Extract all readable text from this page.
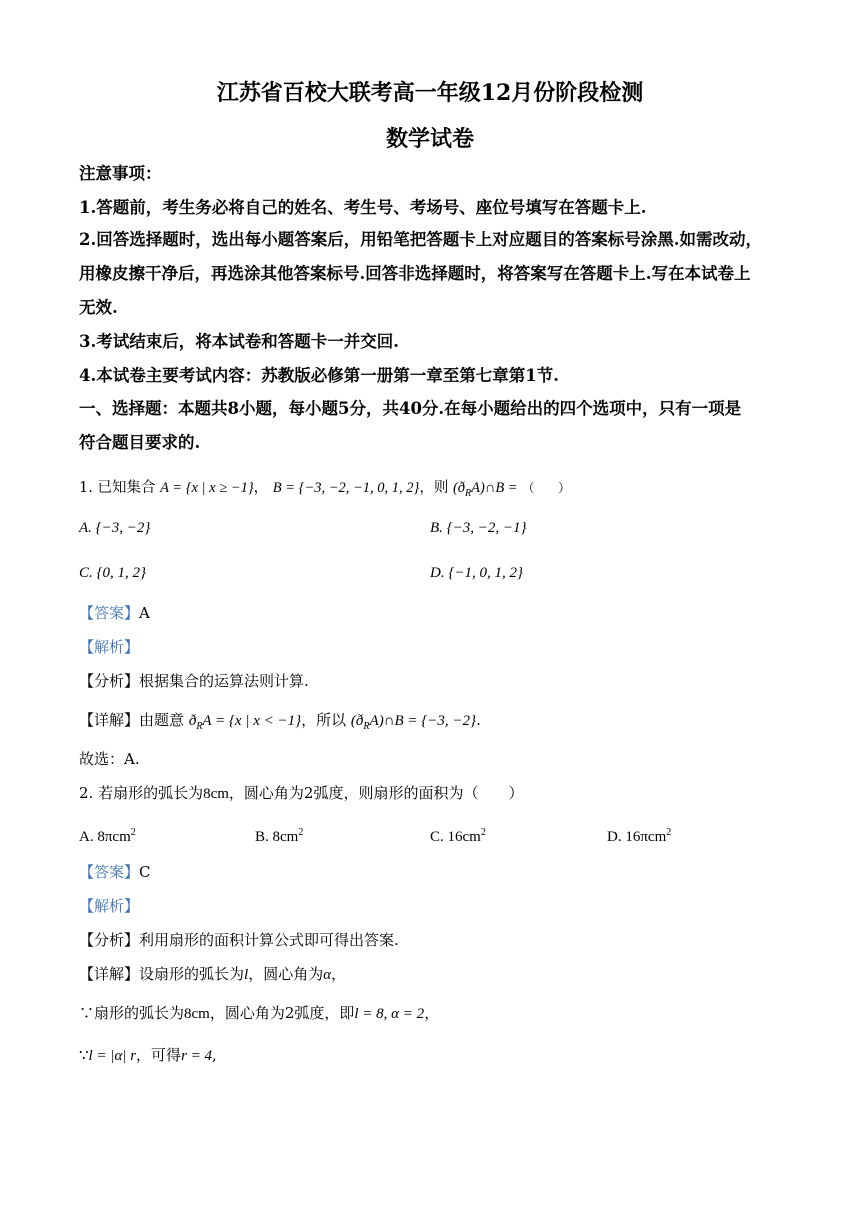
江苏省百校大联考高一年级12月份阶段检测
数学试卷
注意事项：
1.答题前，考生务必将自己的姓名、考生号、考场号、座位号填写在答题卡上.
2.回答选择题时，选出每小题答案后，用铅笔把答题卡上对应题目的答案标号涂黑.如需改动，
用橡皮擦干净后，再选涂其他答案标号.回答非选择题时，将答案写在答题卡上.写在本试卷上
无效.
3.考试结束后，将本试卷和答题卡一并交回.
4.本试卷主要考试内容：苏教版必修第一册第一章至第七章第1节.
一、选择题：本题共8小题，每小题5分，共40分.在每小题给出的四个选项中，只有一项是
符合题目要求的.
1. 已知集合 A = {x | x ≥ −1}， B = {−3, −2, −1, 0, 1, 2}，则 $(ð_RA)\cap B$ = （　　）
A. {−3, −2}	B. {−3, −2, −1}
C. {0, 1, 2}	D. {−1, 0, 1, 2}
【答案】A
【解析】
【分析】根据集合的运算法则计算.
【详解】由题意 $ð_RA = \{x$ | x < −1}，所以 $(ð_RA)\cap B = \{-3$, −2}.
故选：A.
2. 若扇形的弧长为8cm，圆心角为2弧度，则扇形的面积为（　　）
A. 8πcm$^2$	B. $8cm^2$	C. $16cm^2$	D. 16πcm$^2$
【答案】C
【解析】
【分析】利用扇形的面积计算公式即可得出答案.
【详解】设扇形的弧长为l，圆心角为α，
∵扇形的弧长为8cm，圆心角为2弧度，即l = 8, α = 2，
∵l = |α| r，可得r = 4,
